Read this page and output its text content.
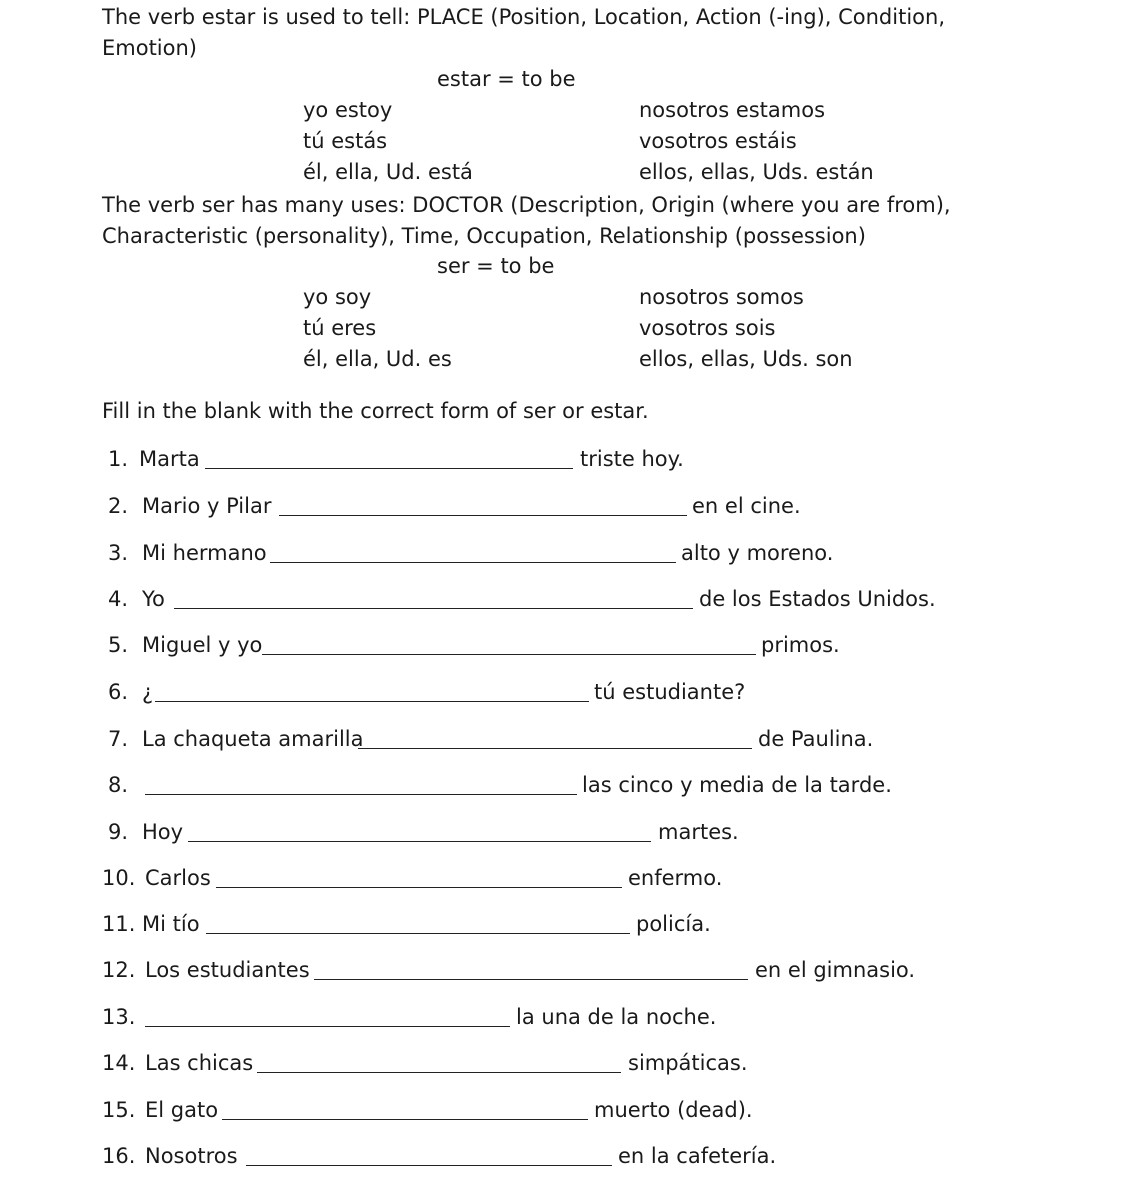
The verb estar is used to tell: PLACE (Position, Location, Action (-ing), Condition, Emotion)
estar = to be
yo estoy	nosotros estamos
tú estás	vosotros estáis
él, ella, Ud. está	ellos, ellas, Uds. están
The verb ser has many uses: DOCTOR (Description, Origin (where you are from), Characteristic (personality), Time, Occupation, Relationship (possession)
ser = to be
yo soy	nosotros somos
tú eres	vosotros sois
él, ella, Ud. es	ellos, ellas, Uds. son
Fill in the blank with the correct form of ser or estar.
1. Marta	triste hoy.
2. Mario y Pilar	en el cine.
3. Mi hermano	alto y moreno.
4. Yo	de los Estados Unidos.
5. Miguel y yo	primos.
6. ¿	tú estudiante?
7. La chaqueta amarilla	de Paulina.
8.	las cinco y media de la tarde.
9. Hoy	martes.
10. Carlos	enfermo.
11. Mi tío	policía.
12. Los estudiantes	en el gimnasio.
13.	la una de la noche.
14. Las chicas	simpáticas.
15. El gato	muerto (dead).
16. Nosotros	en la cafetería.
